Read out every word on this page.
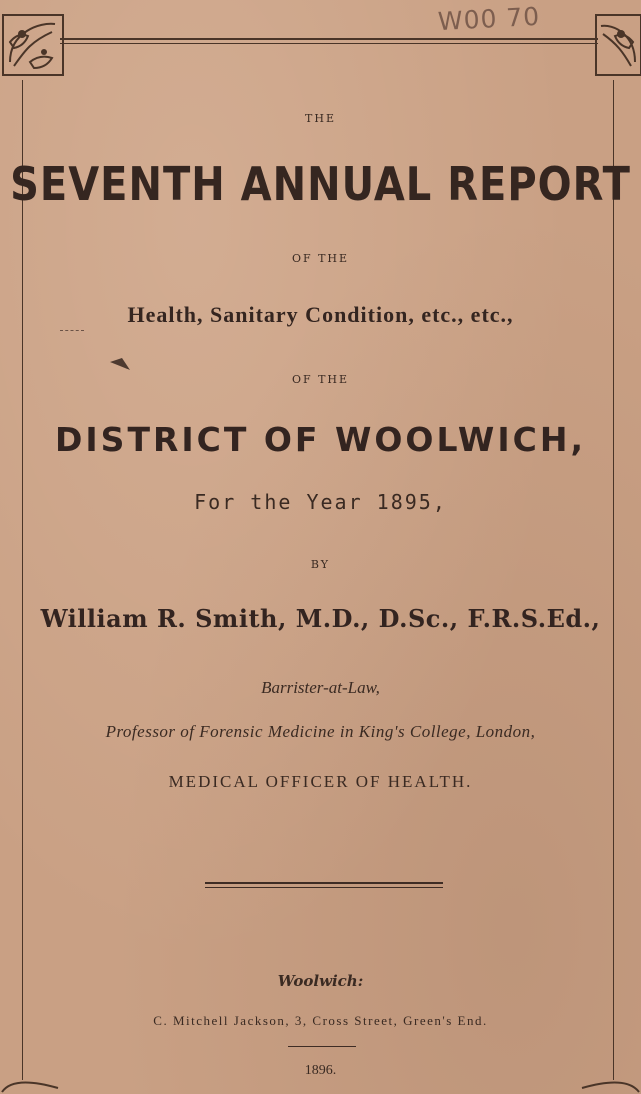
W00 70
THE
SEVENTH ANNUAL REPORT
OF THE
Health, Sanitary Condition, etc., etc.,
OF THE
DISTRICT OF WOOLWICH,
For the Year 1895,
BY
William R. Smith, M.D., D.Sc., F.R.S.Ed.,
Barrister-at-Law,
Professor of Forensic Medicine in King's College, London,
MEDICAL OFFICER OF HEALTH.
Woolwich:
C. Mitchell Jackson, 3, Cross Street, Green's End.
1896.
